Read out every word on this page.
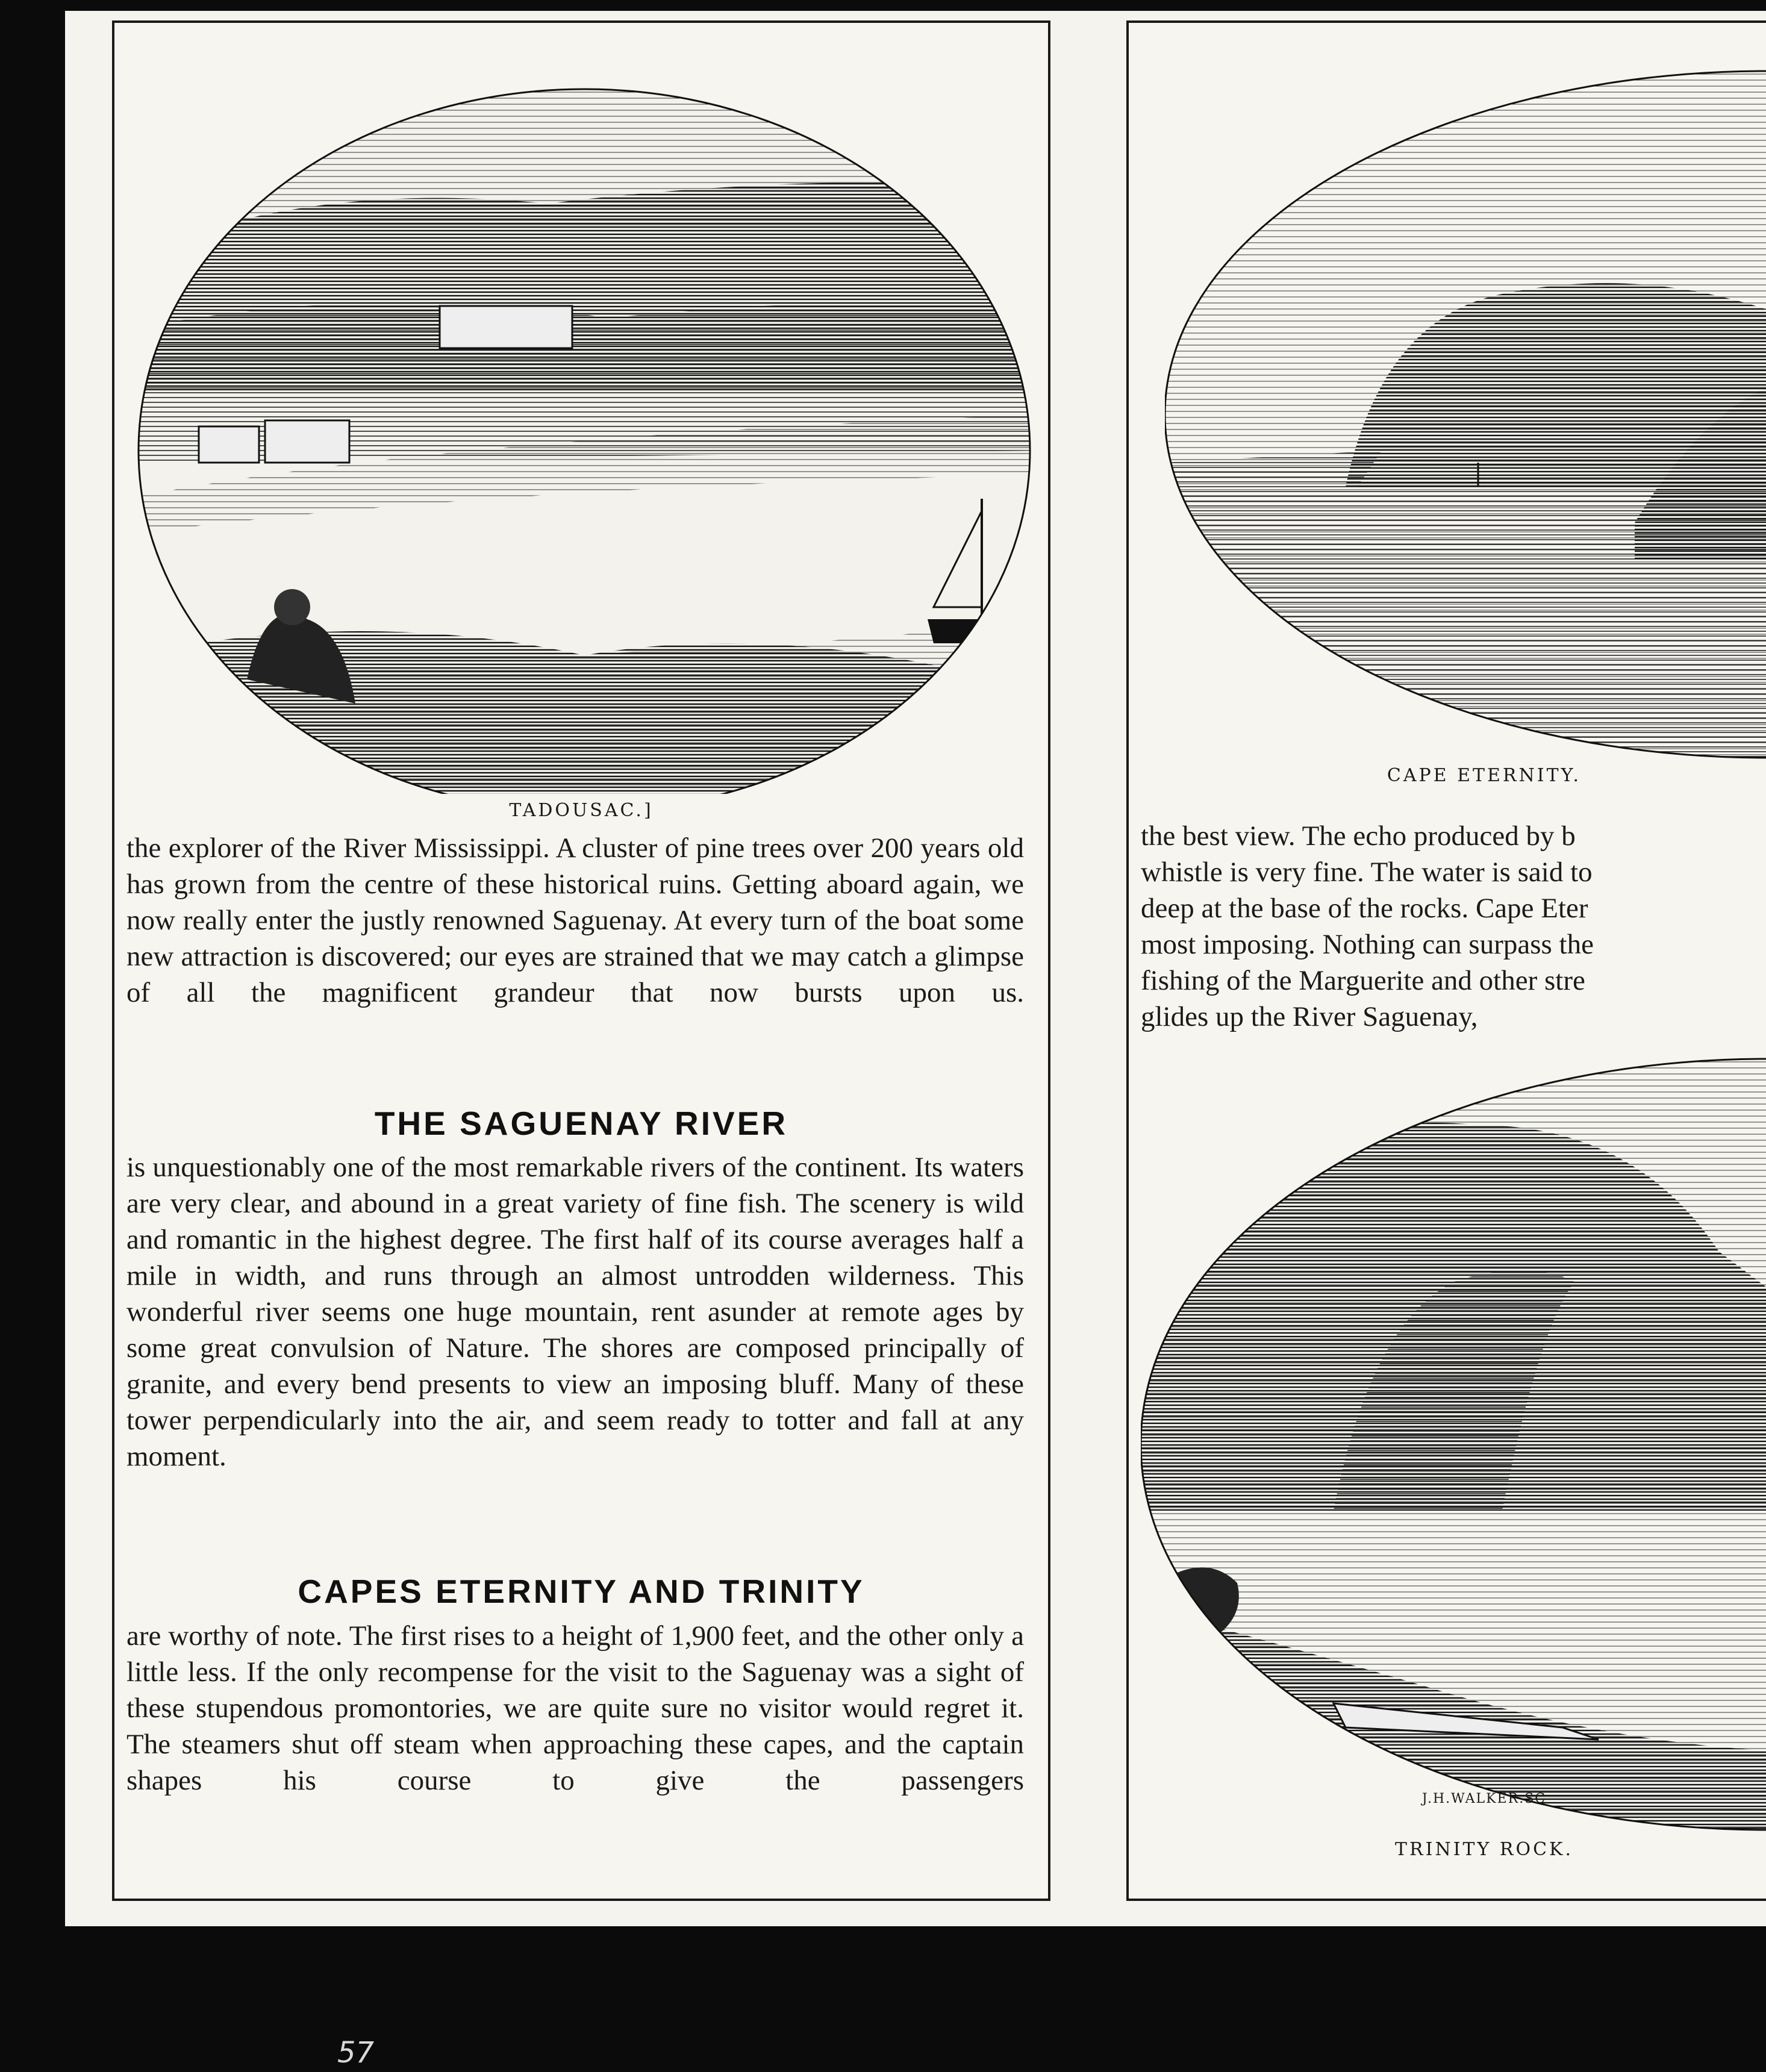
TADOUSAC.]

the explorer of the River Mississippi. A cluster of pine trees over 200 years old has grown from the centre of these historical ruins. Getting aboard again, we now really enter the justly renowned Saguenay. At every turn of the boat some new attraction is discovered; our eyes are strained that we may catch a glimpse of all the magnificent grandeur that now bursts upon us.

THE SAGUENAY RIVER

is unquestionably one of the most remarkable rivers of the continent. Its waters are very clear, and abound in a great variety of fine fish. The scenery is wild and romantic in the highest degree. The first half of its course averages half a mile in width, and runs through an almost untrodden wilderness. This wonderful river seems one huge mountain, rent asunder at remote ages by some great convulsion of Nature. The shores are composed principally of granite, and every bend presents to view an imposing bluff. Many of these tower perpendicularly into the air, and seem ready to totter and fall at any moment.

CAPES ETERNITY AND TRINITY

are worthy of note. The first rises to a height of 1,900 feet, and the other only a little less. If the only recompense for the visit to the Saguenay was a sight of these stupendous promontories, we are quite sure no visitor would regret it. The steamers shut off steam when approaching these capes, and the captain shapes his course to give the passengers

CAPE ETERNITY.
the best view. The echo produced by b
whistle is very fine. The water is said to
deep at the base of the rocks. Cape Eter
most imposing. Nothing can surpass the
fishing of the Marguerite and other stre
glides up the River Saguenay,
J.H.WALKER.SC
TRINITY ROCK.
57
